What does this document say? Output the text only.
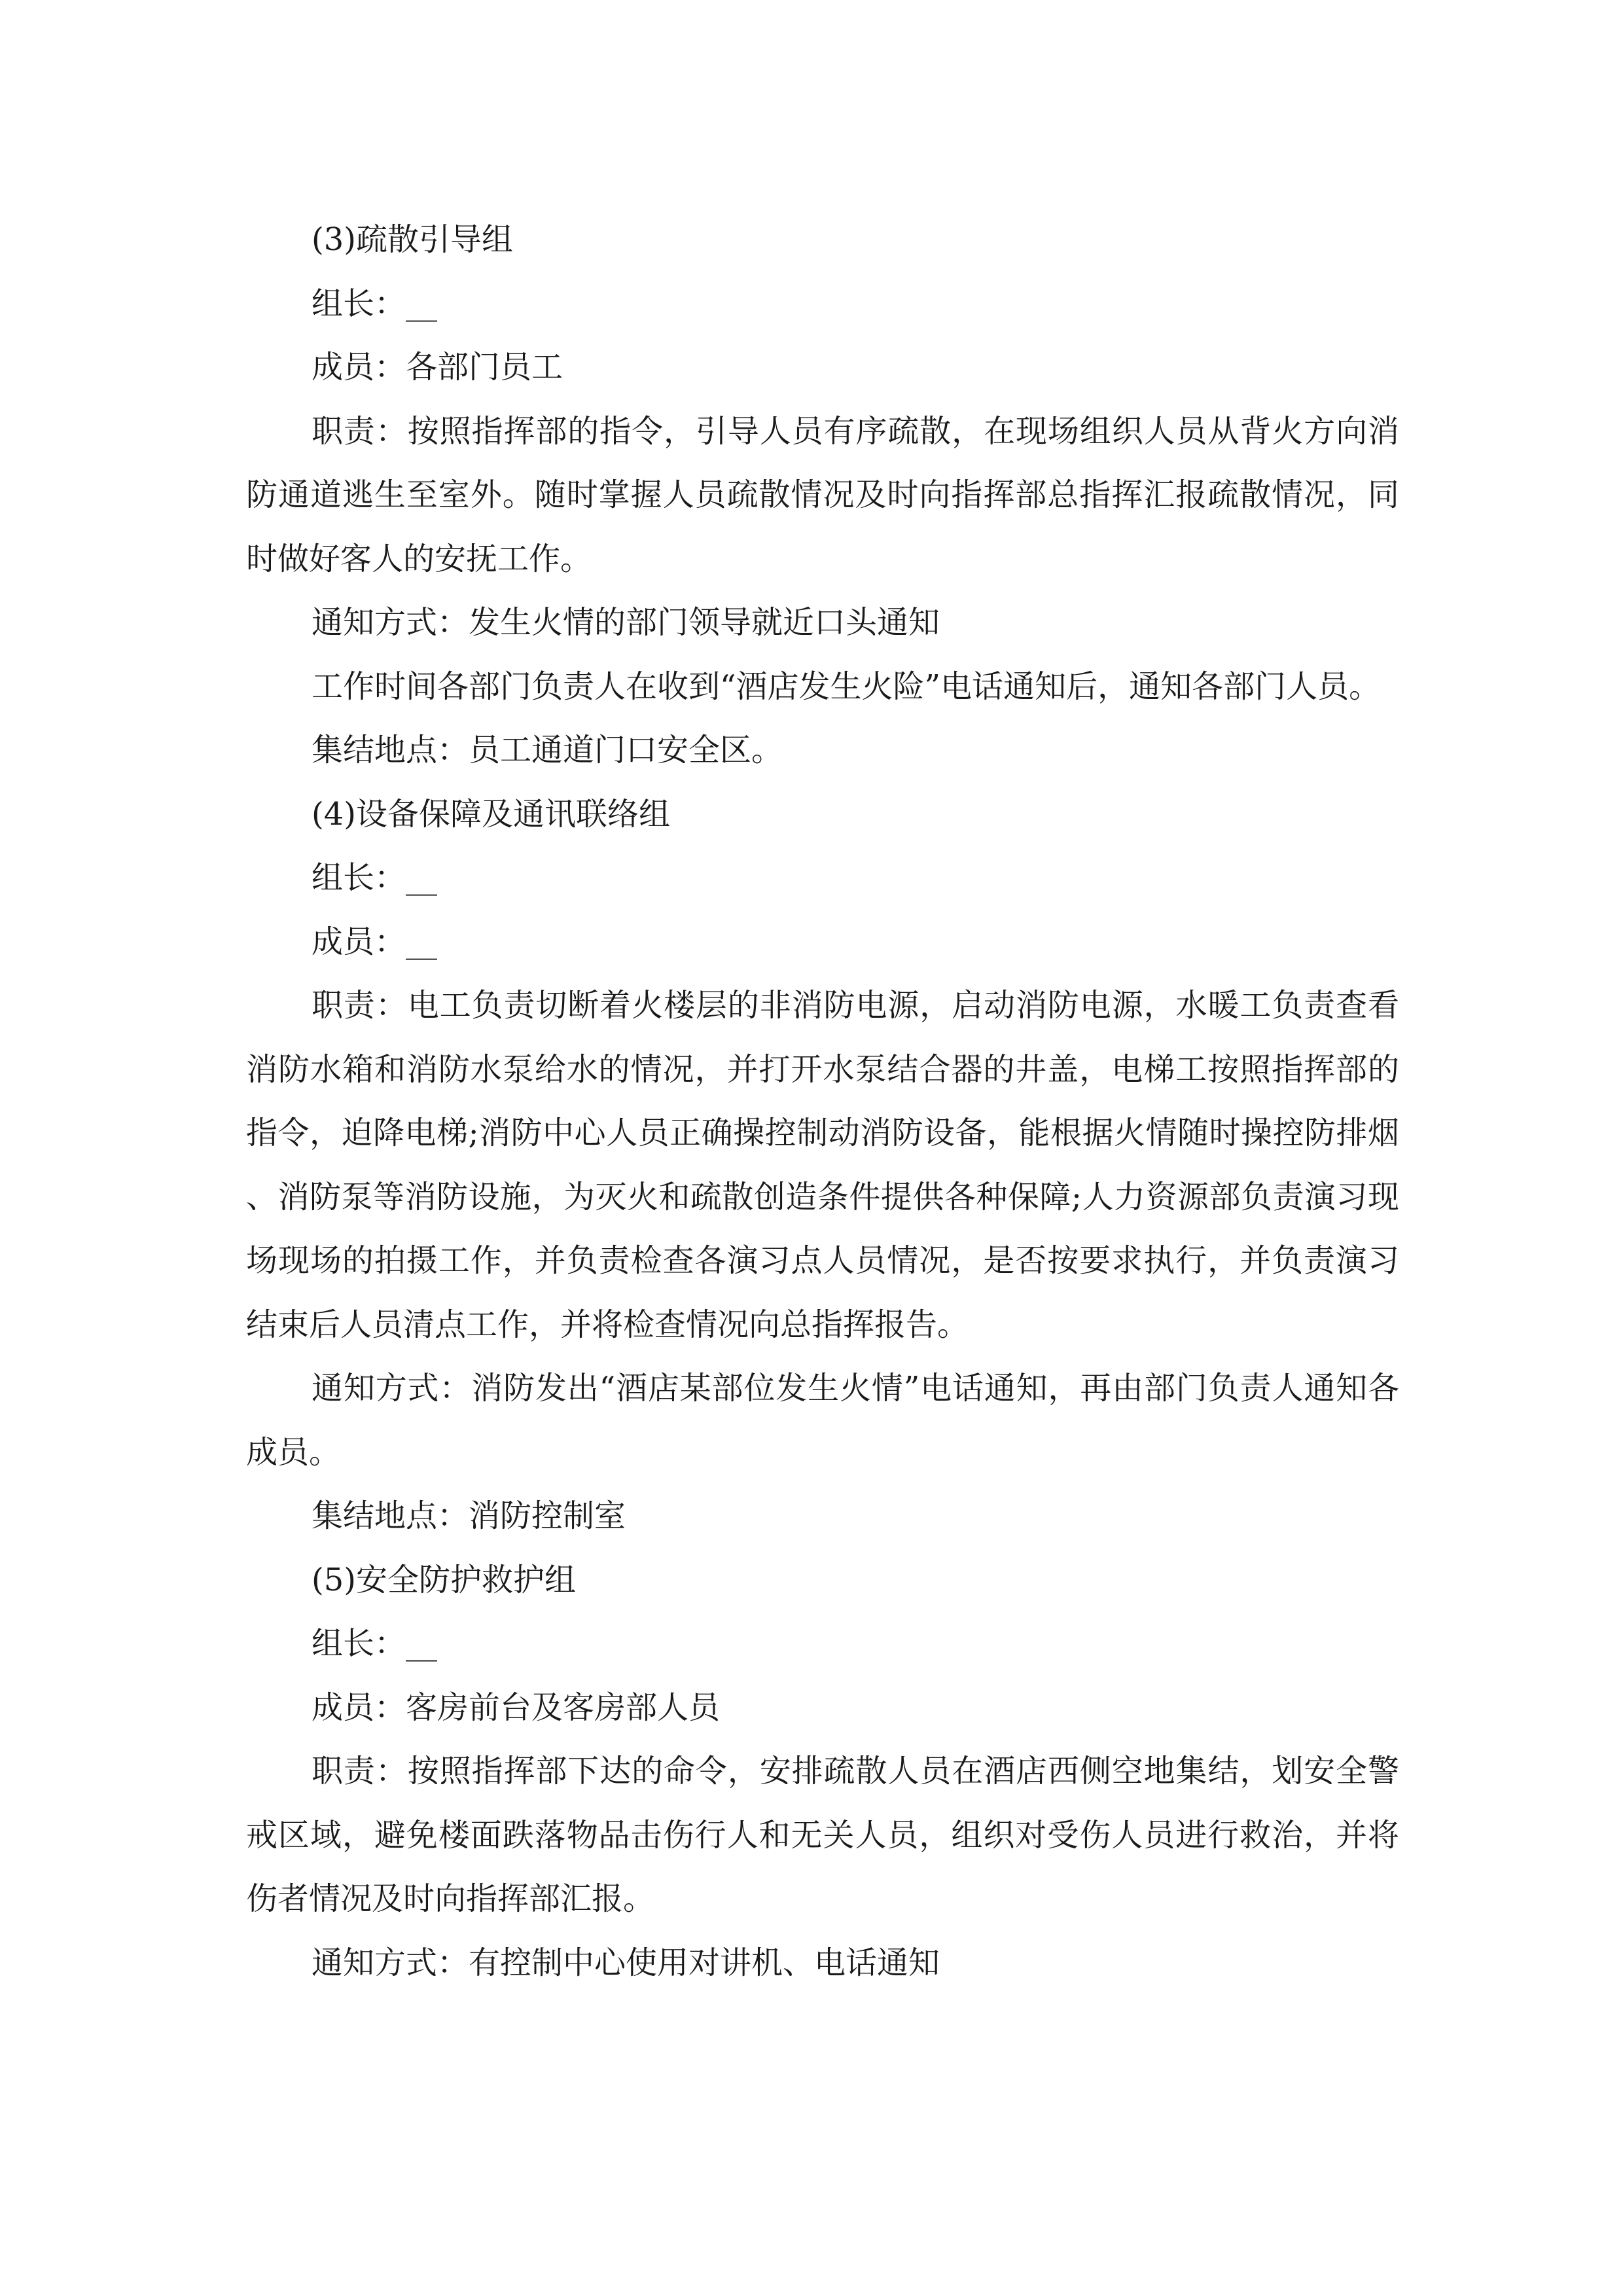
(3)疏散引导组

组长：__

成员：各部门员工

职责：按照指挥部的指令，引导人员有序疏散，在现场组织人员从背火方向消防通道逃生至室外。随时掌握人员疏散情况及时向指挥部总指挥汇报疏散情况，同时做好客人的安抚工作。

通知方式：发生火情的部门领导就近口头通知

工作时间各部门负责人在收到“酒店发生火险”电话通知后，通知各部门人员。

集结地点：员工通道门口安全区。

(4)设备保障及通讯联络组

组长：__

成员：__

职责：电工负责切断着火楼层的非消防电源，启动消防电源，水暖工负责查看消防水箱和消防水泵给水的情况，并打开水泵结合器的井盖，电梯工按照指挥部的指令，迫降电梯;消防中心人员正确操控制动消防设备，能根据火情随时操控防排烟、消防泵等消防设施，为灭火和疏散创造条件提供各种保障;人力资源部负责演习现场现场的拍摄工作，并负责检查各演习点人员情况，是否按要求执行，并负责演习结束后人员清点工作，并将检查情况向总指挥报告。

通知方式：消防发出“酒店某部位发生火情”电话通知，再由部门负责人通知各成员。

集结地点：消防控制室

(5)安全防护救护组

组长：__

成员：客房前台及客房部人员

职责：按照指挥部下达的命令，安排疏散人员在酒店西侧空地集结，划安全警戒区域，避免楼面跌落物品击伤行人和无关人员，组织对受伤人员进行救治，并将伤者情况及时向指挥部汇报。

通知方式：有控制中心使用对讲机、电话通知
